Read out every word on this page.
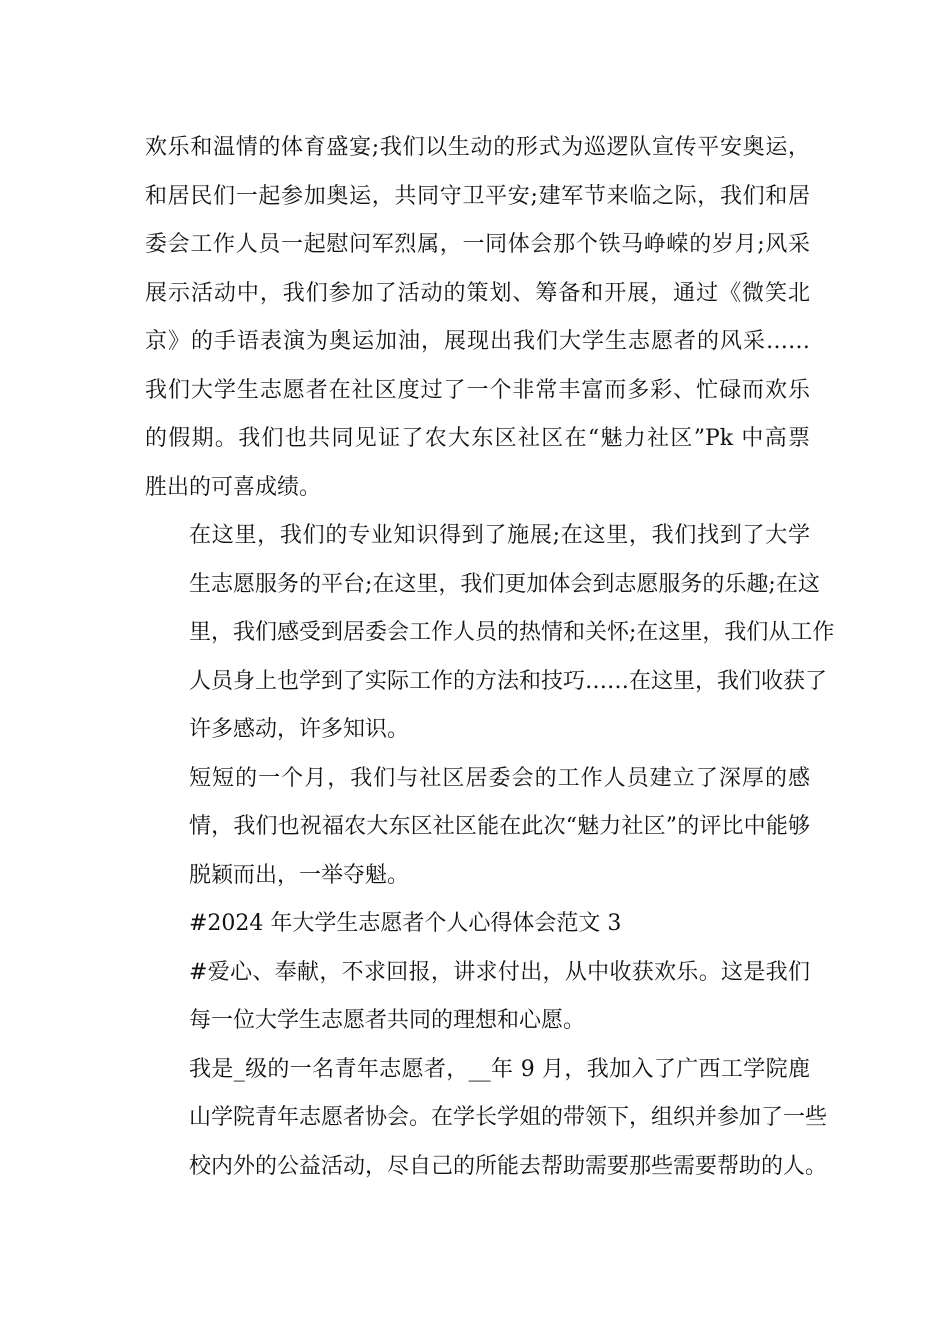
欢乐和温情的体育盛宴;我们以生动的形式为巡逻队宣传平安奥运，
和居民们一起参加奥运，共同守卫平安;建军节来临之际，我们和居
委会工作人员一起慰问军烈属，一同体会那个铁马峥嵘的岁月;风采
展示活动中，我们参加了活动的策划、筹备和开展，通过《微笑北
京》的手语表演为奥运加油，展现出我们大学生志愿者的风采……
我们大学生志愿者在社区度过了一个非常丰富而多彩、忙碌而欢乐
的假期。我们也共同见证了农大东区社区在“魅力社区”Pk 中高票
胜出的可喜成绩。
在这里，我们的专业知识得到了施展;在这里，我们找到了大学
生志愿服务的平台;在这里，我们更加体会到志愿服务的乐趣;在这
里，我们感受到居委会工作人员的热情和关怀;在这里，我们从工作
人员身上也学到了实际工作的方法和技巧……在这里，我们收获了
许多感动，许多知识。
短短的一个月，我们与社区居委会的工作人员建立了深厚的感
情，我们也祝福农大东区社区能在此次“魅力社区”的评比中能够
脱颖而出，一举夺魁。
#2024 年大学生志愿者个人心得体会范文 3
#爱心、奉献，不求回报，讲求付出，从中收获欢乐。这是我们
每一位大学生志愿者共同的理想和心愿。
我是_级的一名青年志愿者，__年 9 月，我加入了广西工学院鹿
山学院青年志愿者协会。在学长学姐的带领下，组织并参加了一些
校内外的公益活动，尽自己的所能去帮助需要那些需要帮助的人。
